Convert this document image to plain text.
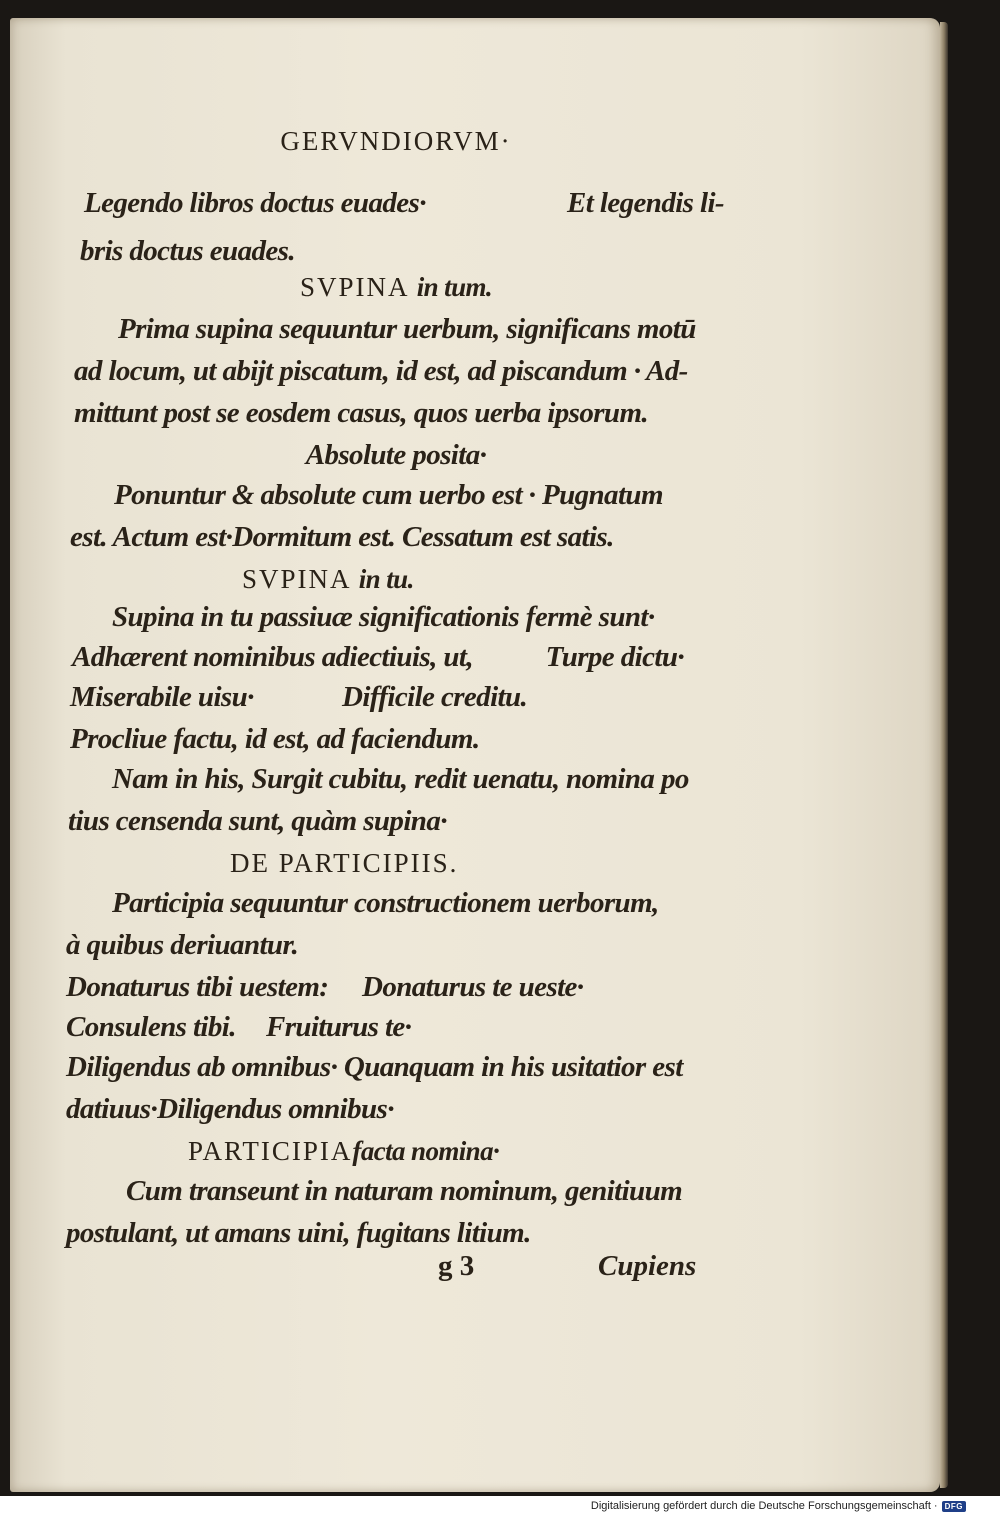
GERVNDIORVM·
Legendo libros doctus euades·	Et legendis li-
bris doctus euades.
SVPINA in tum.
Prima supina sequuntur uerbum, significans motū
ad locum, ut abijt piscatum, id est, ad piscandum · Ad-
mittunt post se eosdem casus, quos uerba ipsorum.
Absolute posita·
Ponuntur & absolute cum uerbo est · Pugnatum
est. Actum est·Dormitum est. Cessatum est satis.
SVPINA in tu.
Supina in tu passiuæ significationis fermè sunt·
Adhærent nominibus adiectiuis, ut,	Turpe dictu·
Miserabile uisu·	Difficile creditu.
Procliue factu, id est, ad faciendum.
Nam in his, Surgit cubitu, redit uenatu, nomina po
tius censenda sunt, quàm supina·
DE PARTICIPIIS.
Participia sequuntur constructionem uerborum,
à quibus deriuantur.
Donaturus tibi uestem: Donaturus te ueste·
Consulens tibi. Fruiturus te·
Diligendus ab omnibus· Quanquam in his usitatior est
datiuus·Diligendus omnibus·
PARTICIPIAfacta nomina·
Cum transeunt in naturam nominum, genitiuum
postulant, ut amans uini, fugitans litium.
g 3	Cupiens
Digitalisierung gefördert durch die Deutsche Forschungsgemeinschaft · DFG
